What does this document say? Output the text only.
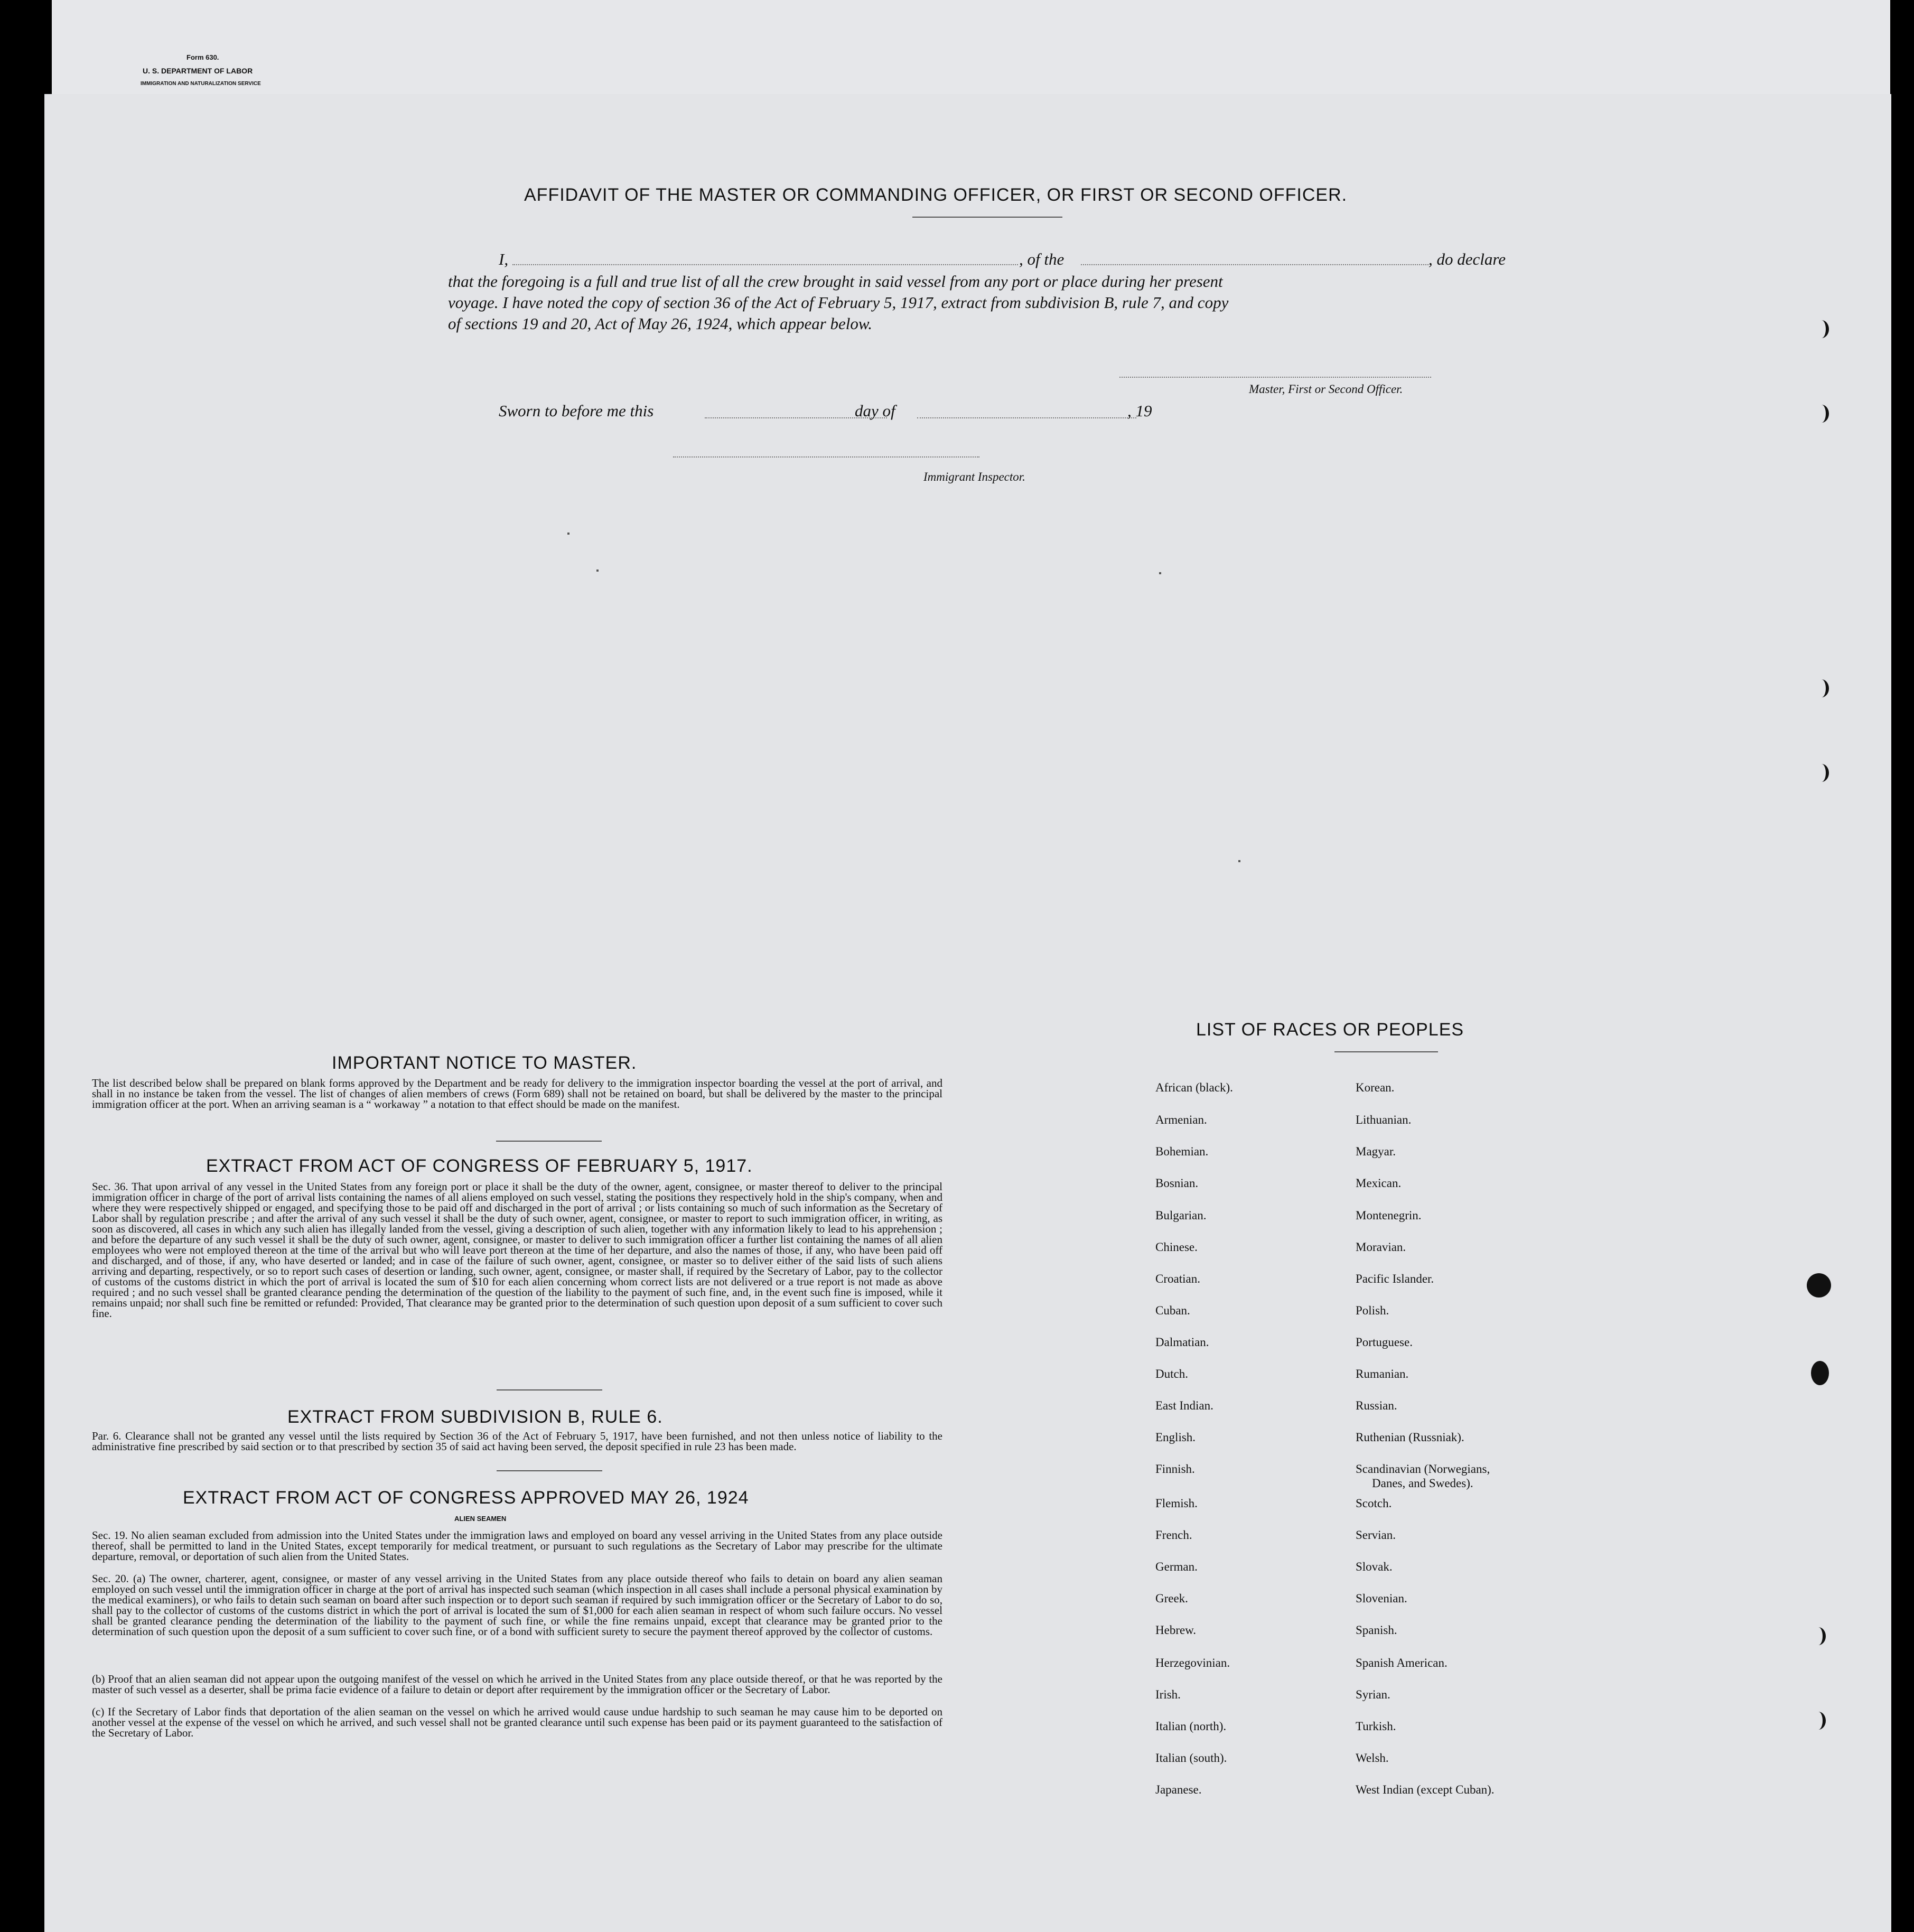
Form 630.
U. S. DEPARTMENT OF LABOR
IMMIGRATION AND NATURALIZATION SERVICE
AFFIDAVIT OF THE MASTER OR COMMANDING OFFICER, OR FIRST OR SECOND OFFICER.
I,	, of the	, do declare
that the foregoing is a full and true list of all the crew brought in said vessel from any port or place during her present
voyage. I have noted the copy of section 36 of the Act of February 5, 1917, extract from subdivision B, rule 7, and copy
of sections 19 and 20, Act of May 26, 1924, which appear below.
Master, First or Second Officer.
Sworn to before me this	day of	, 19
Immigrant Inspector.
IMPORTANT NOTICE TO MASTER.
The list described below shall be prepared on blank forms approved by the Department and be ready for delivery to the immigration inspector boarding the vessel at the port of arrival, and shall in no instance be taken from the vessel. The list of changes of alien members of crews (Form 689) shall not be retained on board, but shall be delivered by the master to the principal immigration officer at the port. When an arriving seaman is a “ workaway ” a notation to that effect should be made on the manifest.
EXTRACT FROM ACT OF CONGRESS OF FEBRUARY 5, 1917.
Sec. 36. That upon arrival of any vessel in the United States from any foreign port or place it shall be the duty of the owner, agent, consignee, or master thereof to deliver to the principal immigration officer in charge of the port of arrival lists containing the names of all aliens employed on such vessel, stating the positions they respectively hold in the ship's company, when and where they were respectively shipped or engaged, and specifying those to be paid off and discharged in the port of arrival ; or lists containing so much of such information as the Secretary of Labor shall by regulation prescribe ; and after the arrival of any such vessel it shall be the duty of such owner, agent, consignee, or master to report to such immigration officer, in writing, as soon as discovered, all cases in which any such alien has illegally landed from the vessel, giving a description of such alien, together with any information likely to lead to his apprehension ; and before the departure of any such vessel it shall be the duty of such owner, agent, consignee, or master to deliver to such immigration officer a further list containing the names of all alien employees who were not employed thereon at the time of the arrival but who will leave port thereon at the time of her departure, and also the names of those, if any, who have been paid off and discharged, and of those, if any, who have deserted or landed; and in case of the failure of such owner, agent, consignee, or master so to deliver either of the said lists of such aliens arriving and departing, respectively, or so to report such cases of desertion or landing, such owner, agent, consignee, or master shall, if required by the Secretary of Labor, pay to the collector of customs of the customs district in which the port of arrival is located the sum of $10 for each alien concerning whom correct lists are not delivered or a true report is not made as above required ; and no such vessel shall be granted clearance pending the determination of the question of the liability to the payment of such fine, and, in the event such fine is imposed, while it remains unpaid; nor shall such fine be remitted or refunded: Provided, That clearance may be granted prior to the determination of such question upon deposit of a sum sufficient to cover such fine.
EXTRACT FROM SUBDIVISION B, RULE 6.
Par. 6. Clearance shall not be granted any vessel until the lists required by Section 36 of the Act of February 5, 1917, have been furnished, and not then unless notice of liability to the administrative fine prescribed by said section or to that prescribed by section 35 of said act having been served, the deposit specified in rule 23 has been made.
EXTRACT FROM ACT OF CONGRESS APPROVED MAY 26, 1924
ALIEN SEAMEN
Sec. 19. No alien seaman excluded from admission into the United States under the immigration laws and employed on board any vessel arriving in the United States from any place outside thereof, shall be permitted to land in the United States, except temporarily for medical treatment, or pursuant to such regulations as the Secretary of Labor may prescribe for the ultimate departure, removal, or deportation of such alien from the United States.
Sec. 20. (a) The owner, charterer, agent, consignee, or master of any vessel arriving in the United States from any place outside thereof who fails to detain on board any alien seaman employed on such vessel until the immigration officer in charge at the port of arrival has inspected such seaman (which inspection in all cases shall include a personal physical examination by the medical examiners), or who fails to detain such seaman on board after such inspection or to deport such seaman if required by such immigration officer or the Secretary of Labor to do so, shall pay to the collector of customs of the customs district in which the port of arrival is located the sum of $1,000 for each alien seaman in respect of whom such failure occurs. No vessel shall be granted clearance pending the determination of the liability to the payment of such fine, or while the fine remains unpaid, except that clearance may be granted prior to the determination of such question upon the deposit of a sum sufficient to cover such fine, or of a bond with sufficient surety to secure the payment thereof approved by the collector of customs.
(b) Proof that an alien seaman did not appear upon the outgoing manifest of the vessel on which he arrived in the United States from any place outside thereof, or that he was reported by the master of such vessel as a deserter, shall be prima facie evidence of a failure to detain or deport after requirement by the immigration officer or the Secretary of Labor.
(c) If the Secretary of Labor finds that deportation of the alien seaman on the vessel on which he arrived would cause undue hardship to such seaman he may cause him to be deported on another vessel at the expense of the vessel on which he arrived, and such vessel shall not be granted clearance until such expense has been paid or its payment guaranteed to the satisfaction of the Secretary of Labor.
LIST OF RACES OR PEOPLES
African (black).
Armenian.
Bohemian.
Bosnian.
Bulgarian.
Chinese.
Croatian.
Cuban.
Dalmatian.
Dutch.
East Indian.
English.
Finnish.
Flemish.
French.
German.
Greek.
Hebrew.
Herzegovinian.
Irish.
Italian (north).
Italian (south).
Japanese.
Korean.
Lithuanian.
Magyar.
Mexican.
Montenegrin.
Moravian.
Pacific Islander.
Polish.
Portuguese.
Rumanian.
Russian.
Ruthenian (Russniak).
Scandinavian (Norwegians,
Danes, and Swedes).
Scotch.
Servian.
Slovak.
Slovenian.
Spanish.
Spanish American.
Syrian.
Turkish.
Welsh.
West Indian (except Cuban).
